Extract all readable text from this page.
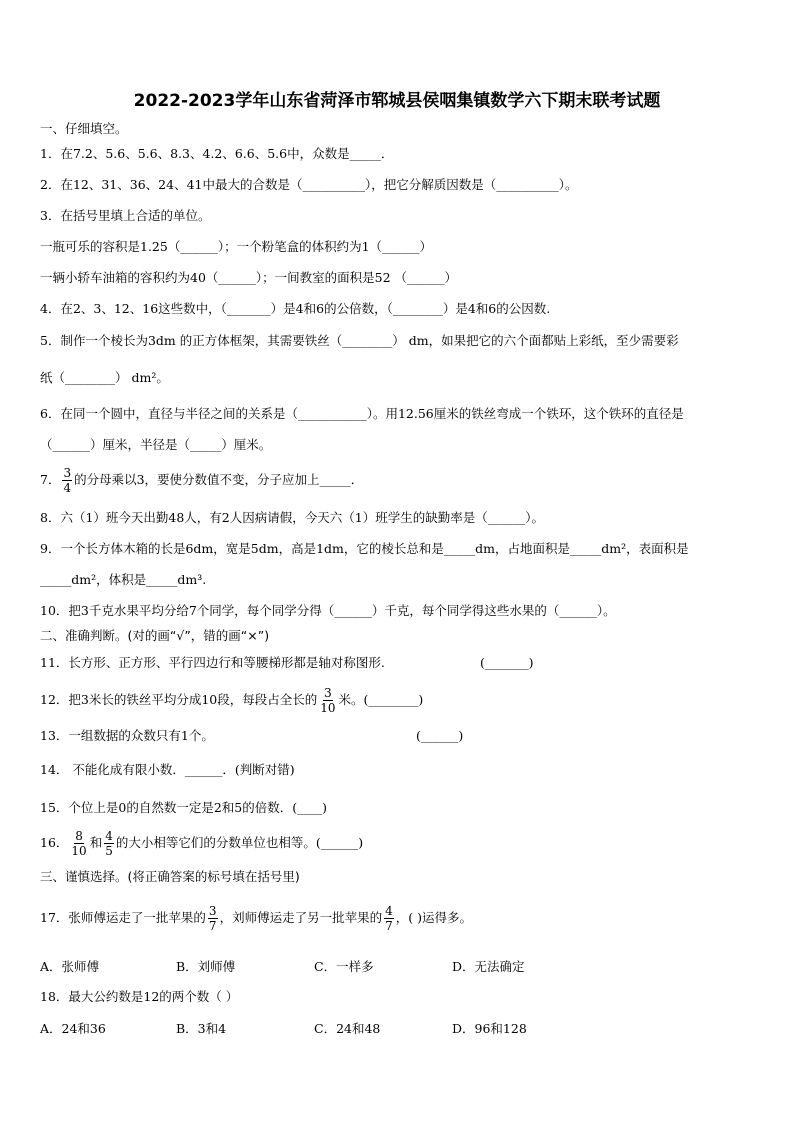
2022-2023学年山东省菏泽市郓城县侯咽集镇数学六下期末联考试题
一、仔细填空。
1．在7.2、5.6、5.6、8.3、4.2、6.6、5.6中，众数是_____．
2．在12、31、36、24、41中最大的合数是（__________），把它分解质因数是（__________）。
3．在括号里填上合适的单位。
一瓶可乐的容积是1.25（______）；一个粉笔盒的体积约为1（______）
一辆小轿车油箱的容积约为40（______）；一间教室的面积是52 （______）
4．在2、3、12、16这些数中，（_______）是4和6的公倍数，（________）是4和6的公因数.
5．制作一个棱长为3dm 的正方体框架，其需要铁丝（________） dm，如果把它的六个面都贴上彩纸，至少需要彩
纸（________） dm²。
6．在同一个圆中，直径与半径之间的关系是（___________）。用12.56厘米的铁丝弯成一个铁环，这个铁环的直径是
（______）厘米，半径是（_____）厘米。
7． $\frac{3}{4}$ 的分母乘以3，要使分数值不变，分子应加上_____．
8．六（1）班今天出勤48人，有2人因病请假，今天六（1）班学生的缺勤率是（______）。
9．一个长方体木箱的长是6dm，宽是5dm，高是1dm，它的棱长总和是_____dm，占地面积是_____dm²，表面积是
_____dm²，体积是_____dm³.
10．把3千克水果平均分给7个同学，每个同学分得（______）千克，每个同学得这些水果的（______）。
二、准确判断。(对的画“√”，错的画“×”)
11．长方形、正方形、平行四边行和等腰梯形都是轴对称图形.	(_______)
12．把3米长的铁丝平均分成10段，每段占全长的 $\frac{3}{10}$ 米。(________)
13．一组数据的众数只有1个。	(______)
14． 不能化成有限小数．______．(判断对错)
15．个位上是0的自然数一定是2和5的倍数．(____)
16． $\frac{8}{10}$ 和 $\frac{4}{5}$ 的大小相等它们的分数单位也相等。(______)
三、谨慎选择。(将正确答案的标号填在括号里)
17．张师傅运走了一批苹果的 $\frac{3}{7}$ ，刘师傅运走了另一批苹果的 $\frac{4}{7}$ ，( )运得多。
A．张师傅	B．刘师傅	C．一样多	D．无法确定
18．最大公约数是12的两个数（ ）
A．24和36	B．3和4	C．24和48	D．96和128
